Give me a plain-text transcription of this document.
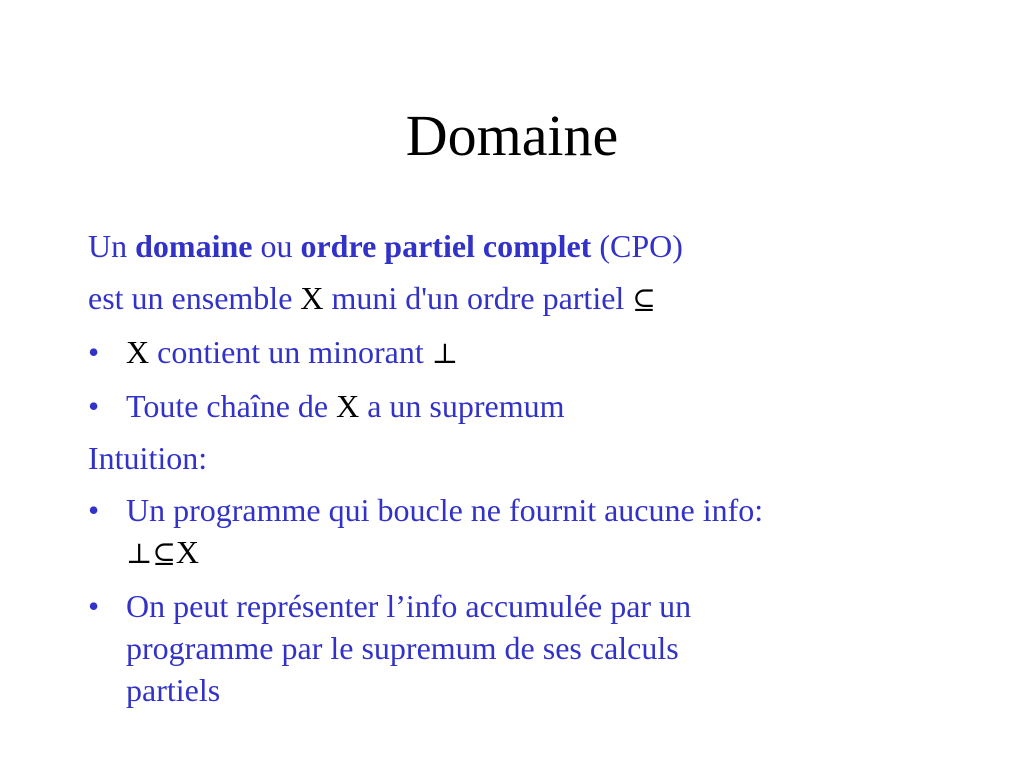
Domaine
Un domaine ou ordre partiel complet (CPO)
est un ensemble X muni d'un ordre partiel ⊆
• X contient un minorant ⊥
• Toute chaîne de X a un supremum
Intuition:
• Un programme qui boucle ne fournit aucune info:
⊥⊆X
• On peut représenter l’info accumulée par un
programme par le supremum de ses calculs
partiels
